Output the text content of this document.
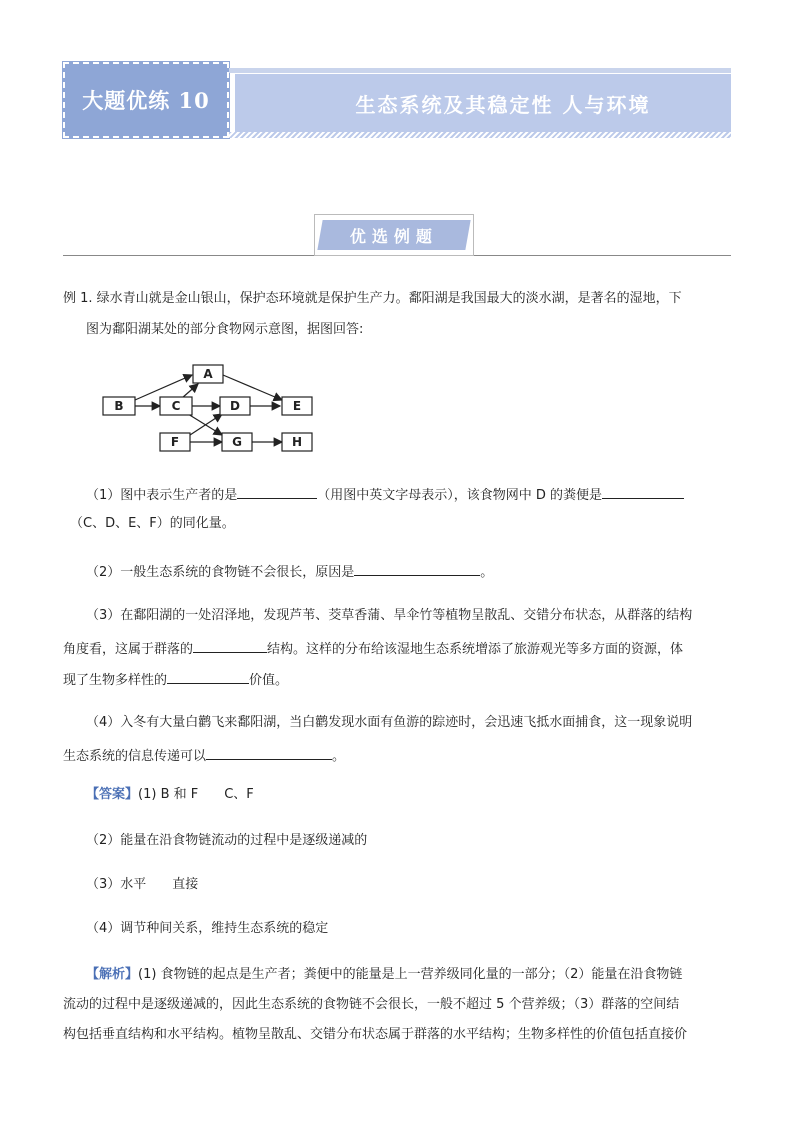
大题优练 10	生态系统及其稳定性 人与环境
优选例题
例 1. 绿水青山就是金山银山，保护态环境就是保护生产力。鄱阳湖是我国最大的淡水湖，是著名的湿地，下
图为鄱阳湖某处的部分食物网示意图，据图回答:
A
B	C	D	E
F	G	H
（1）图中表示生产者的是	（用图中英文字母表示），该食物网中 D 的粪便是
（C、D、E、F）的同化量。
（2）一般生态系统的食物链不会很长，原因是	。
（3）在鄱阳湖的一处沼泽地，发现芦苇、茭草香蒲、旱伞竹等植物呈散乱、交错分布状态，从群落的结构
角度看，这属于群落的	结构。这样的分布给该湿地生态系统增添了旅游观光等多方面的资源，体
现了生物多样性的	价值。
（4）入冬有大量白鹳飞来鄱阳湖，当白鹳发现水面有鱼游的踪迹时，会迅速飞抵水面捕食，这一现象说明
生态系统的信息传递可以	。
【答案】(1) B 和 F　　C、F
（2）能量在沿食物链流动的过程中是逐级递减的
（3）水平　　直接
（4）调节种间关系，维持生态系统的稳定
【解析】(1) 食物链的起点是生产者；粪便中的能量是上一营养级同化量的一部分；（2）能量在沿食物链
流动的过程中是逐级递减的，因此生态系统的食物链不会很长，一般不超过 5 个营养级；（3）群落的空间结
构包括垂直结构和水平结构。植物呈散乱、交错分布状态属于群落的水平结构；生物多样性的价值包括直接价
